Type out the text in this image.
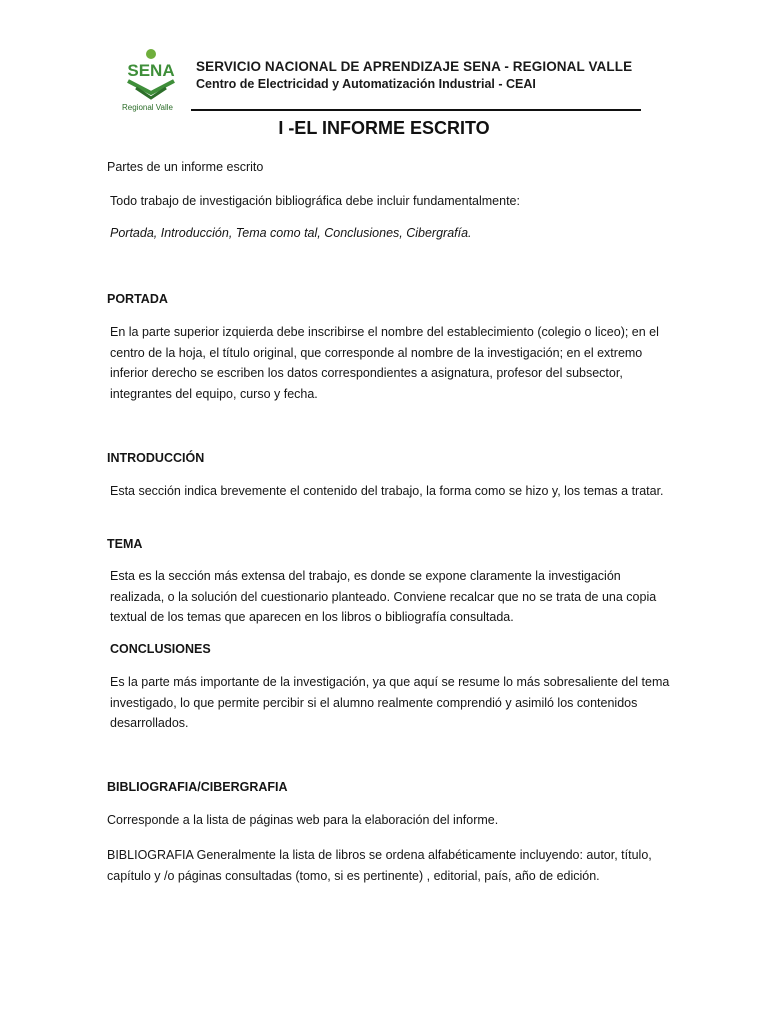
SENA
Regional Valle
SERVICIO NACIONAL DE APRENDIZAJE SENA - REGIONAL VALLE
Centro de Electricidad y Automatización Industrial - CEAI
I -EL INFORME ESCRITO
Partes de un informe escrito
Todo trabajo de investigación bibliográfica debe incluir fundamentalmente:
Portada, Introducción, Tema como tal, Conclusiones, Cibergrafía.
PORTADA
En la parte superior izquierda debe inscribirse el nombre del establecimiento (colegio o liceo); en el centro de la hoja, el título original, que corresponde al nombre de la investigación; en el extremo inferior derecho se escriben los datos correspondientes a asignatura, profesor del subsector, integrantes del equipo, curso y fecha.
INTRODUCCIÓN
Esta sección indica brevemente el contenido del trabajo, la forma como se hizo y, los temas a tratar.
TEMA
Esta es la sección más extensa del trabajo, es donde se expone claramente la investigación realizada, o la solución del cuestionario planteado. Conviene recalcar que no se trata de una copia textual de los temas que aparecen en los libros o bibliografía consultada.
CONCLUSIONES
Es la parte más importante de la investigación, ya que aquí se resume lo más sobresaliente del tema investigado, lo que permite percibir si el alumno realmente comprendió y asimiló los contenidos desarrollados.
BIBLIOGRAFIA/CIBERGRAFIA
Corresponde a la lista de páginas web para la elaboración del informe.
BIBLIOGRAFIA Generalmente la lista de libros se ordena alfabéticamente incluyendo: autor, título, capítulo y /o páginas consultadas (tomo, si es pertinente) , editorial, país, año de edición.
